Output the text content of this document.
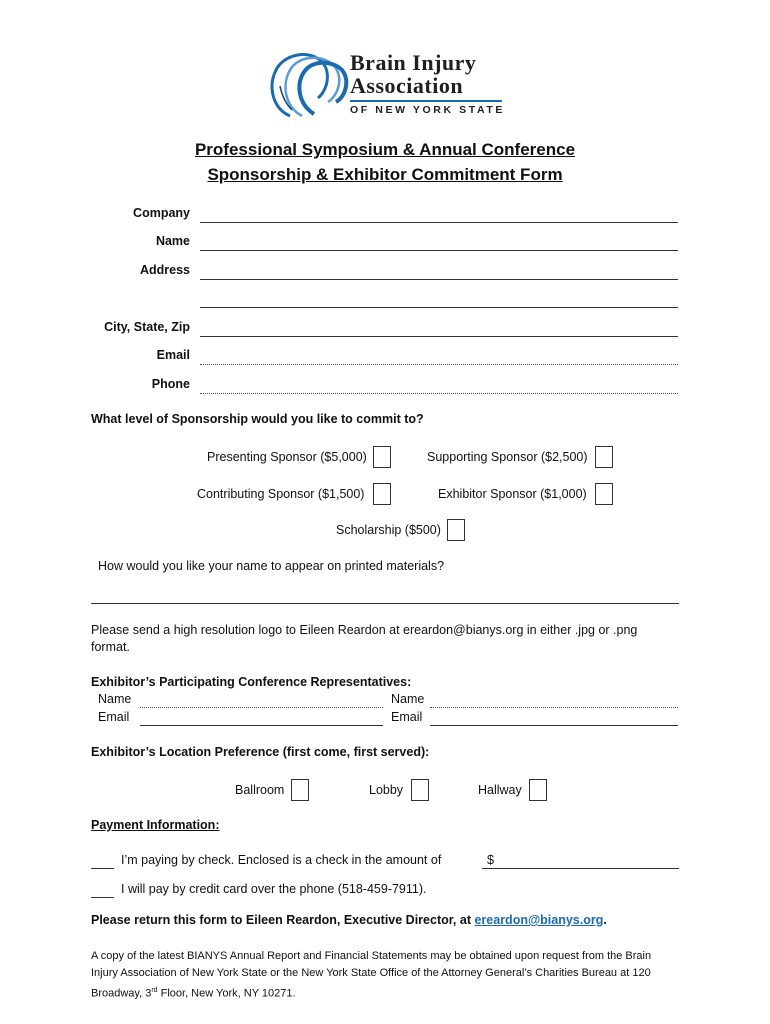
Brain Injury
Association
OF NEW YORK STATE
Professional Symposium & Annual Conference
Sponsorship & Exhibitor Commitment Form
Company
Name
Address
City, State, Zip
Email
Phone
What level of Sponsorship would you like to commit to?
Presenting Sponsor ($5,000)	Supporting Sponsor ($2,500)
Contributing Sponsor ($1,500)	Exhibitor Sponsor ($1,000)
Scholarship ($500)
How would you like your name to appear on printed materials?
Please send a high resolution logo to Eileen Reardon at ereardon@bianys.org in either .jpg or .png
format.
Exhibitor’s Participating Conference Representatives:
Name	Name
Email	Email
Exhibitor’s Location Preference (first come, first served):
Ballroom	Lobby	Hallway
Payment Information:
I’m paying by check. Enclosed is a check in the amount of	$
I will pay by credit card over the phone (518-459-7911).
Please return this form to Eileen Reardon, Executive Director, at ereardon@bianys.org.
A copy of the latest BIANYS Annual Report and Financial Statements may be obtained upon request from the Brain
Injury Association of New York State or the New York State Office of the Attorney General’s Charities Bureau at 120
Broadway, 3rd Floor, New York, NY 10271.
